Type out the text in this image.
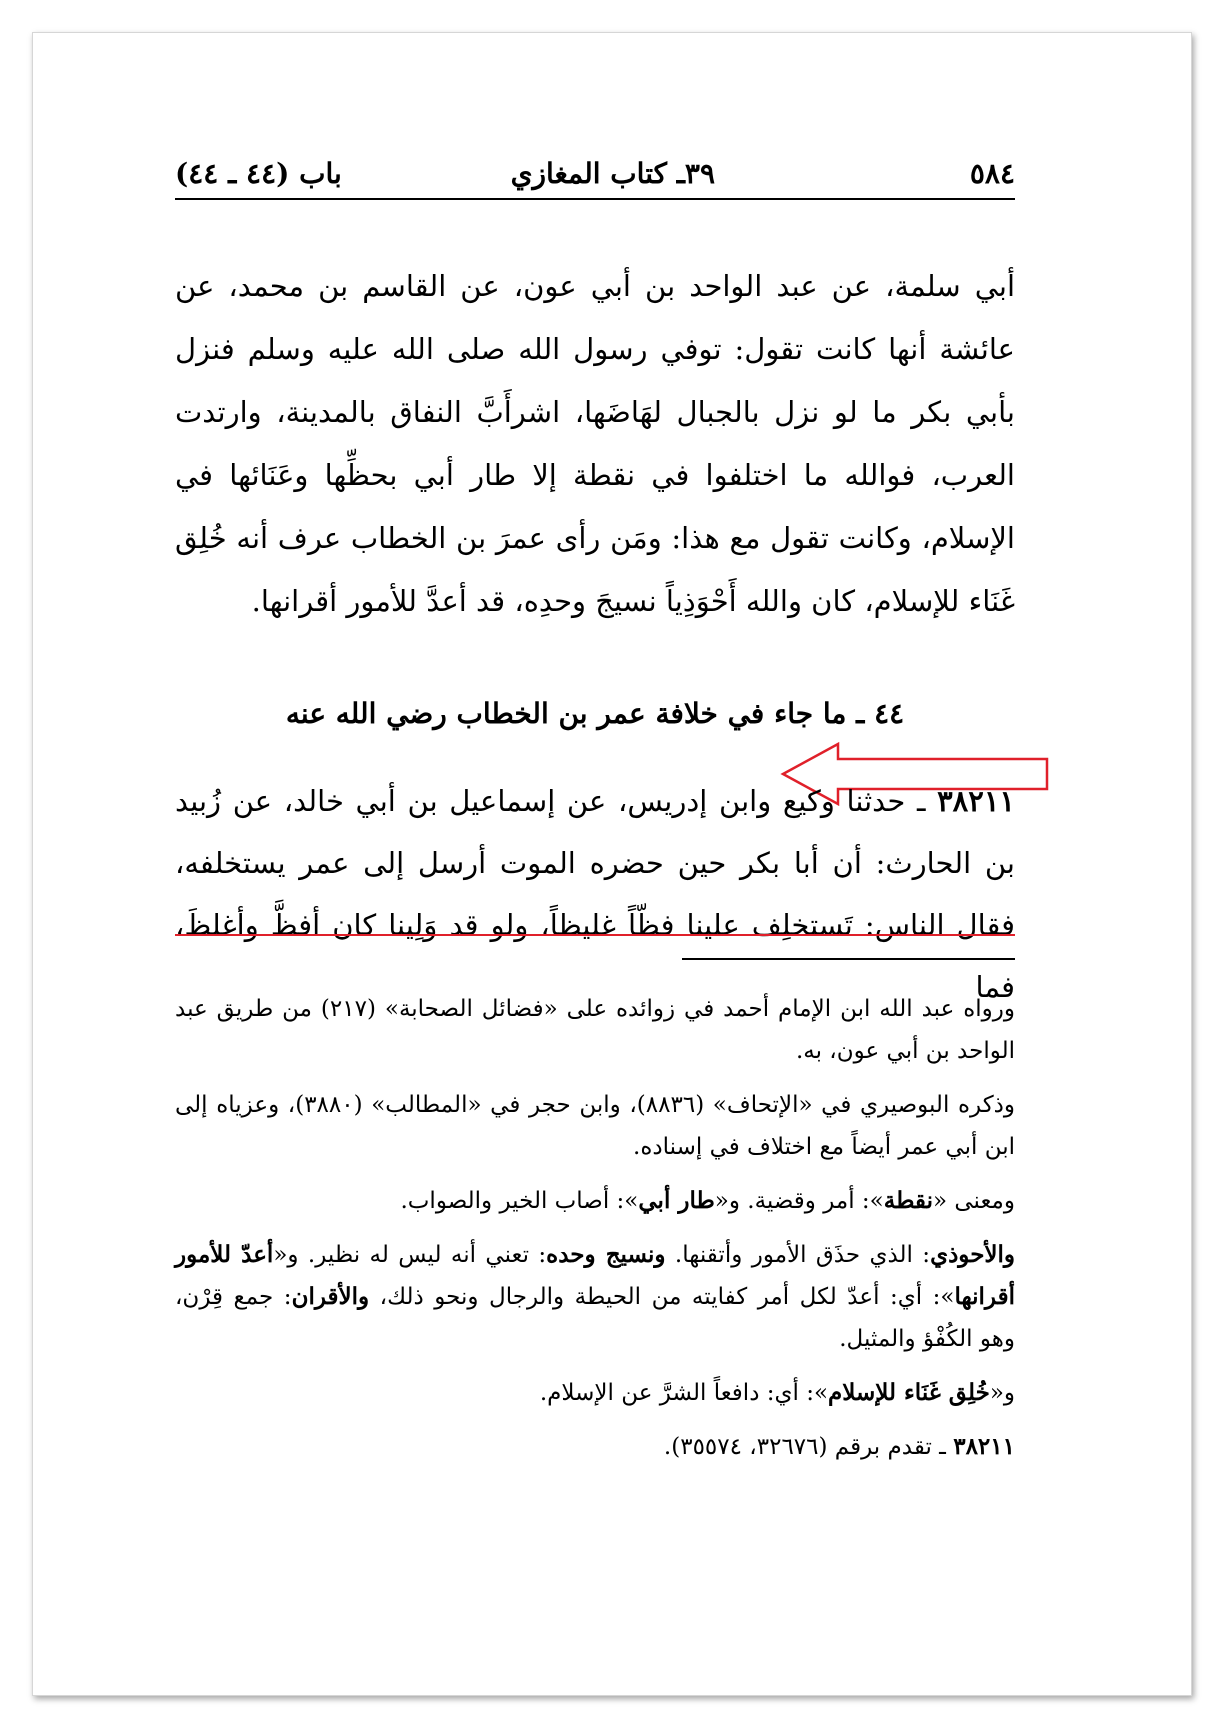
٥٨٤
٣٩ـ كتاب المغازي
باب (٤٤ ـ ٤٤)

أبي سلمة، عن عبد الواحد بن أبي عون، عن القاسم بن محمد، عن عائشة أنها كانت تقول: توفي رسول الله صلى الله عليه وسلم فنزل بأبي بكر ما لو نزل بالجبال لهَاضَها، اشرأَبَّ النفاق بالمدينة، وارتدت العرب، فوالله ما اختلفوا في نقطة إلا طار أبي بحظِّها وعَنَائها في الإسلام، وكانت تقول مع هذا: ومَن رأى عمرَ بن الخطاب عرف أنه خُلِق غَنَاء للإسلام، كان والله أَحْوَذِياً نسيجَ وحدِه، قد أعدَّ للأمور أقرانها.

٤٤ ـ ما جاء في خلافة عمر بن الخطاب رضي الله عنه

٣٨٢١١ ـ حدثنا وكيع وابن إدريس، عن إسماعيل بن أبي خالد، عن زُبيد بن الحارث: أن أبا بكر حين حضره الموت أرسل إلى عمر يستخلفه، فقال الناس: تَستخلِف علينا فظّاً غليظاً، ولو قد وَلِينا كان أفظَّ وأغلظَ، فما

ورواه عبد الله ابن الإمام أحمد في زوائده على «فضائل الصحابة» (٢١٧) من طريق عبد الواحد بن أبي عون، به.

وذكره البوصيري في «الإتحاف» (٨٨٣٦)، وابن حجر في «المطالب» (٣٨٨٠)، وعزياه إلى ابن أبي عمر أيضاً مع اختلاف في إسناده.

ومعنى «نقطة»: أمر وقضية. و«طار أبي»: أصاب الخير والصواب.

والأحوذي: الذي حذَق الأمور وأتقنها. ونسيج وحده: تعني أنه ليس له نظير. و«أعدّ للأمور أقرانها»: أي: أعدّ لكل أمر كفايته من الحيطة والرجال ونحو ذلك، والأقران: جمع قِرْن، وهو الكُفْؤ والمثيل.

و«خُلِق غَنَاء للإسلام»: أي: دافعاً الشرَّ عن الإسلام.

٣٨٢١١ ـ تقدم برقم (٣٢٦٧٦، ٣٥٥٧٤).
